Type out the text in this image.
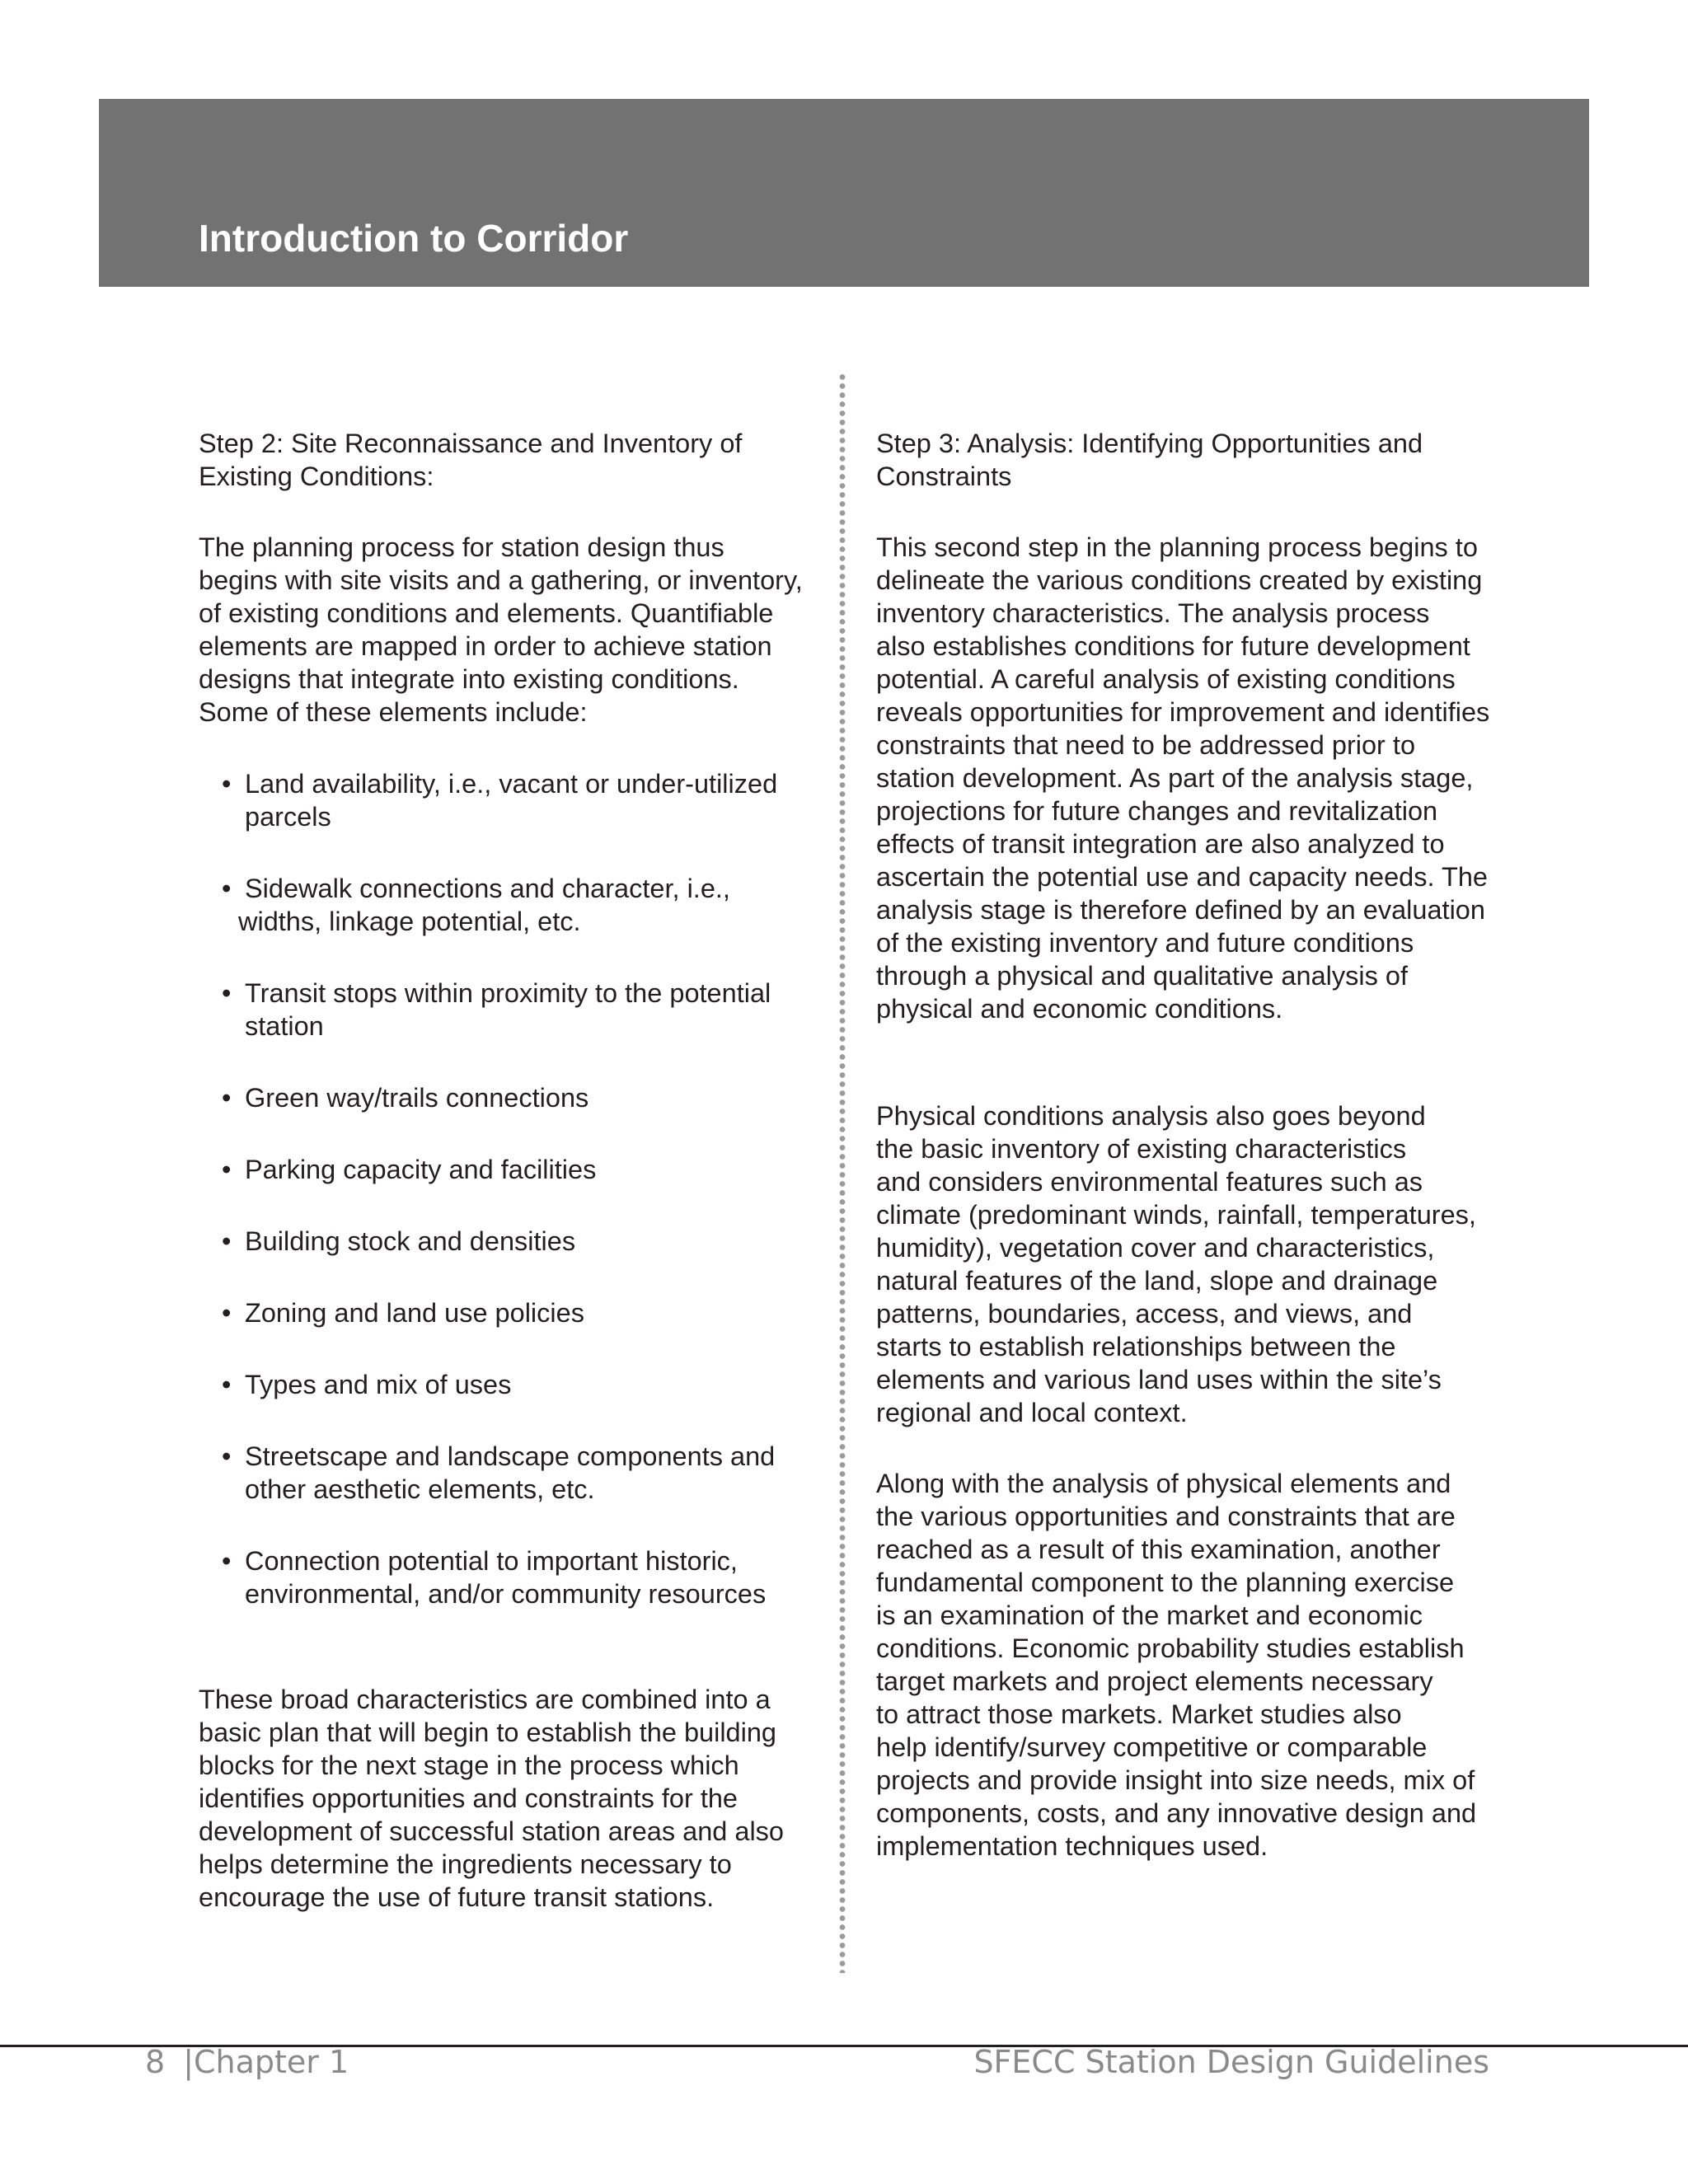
Introduction to Corridor
Step 2: Site Reconnaissance and Inventory of
Existing Conditions:

The planning process for station design thus
begins with site visits and a gathering, or inventory,
of existing conditions and elements. Quantifiable
elements are mapped in order to achieve station
designs that integrate into existing conditions.
Some of these elements include:

• Land availability, i.e., vacant or under-utilized
parcels
• Sidewalk connections and character, i.e.,
widths, linkage potential, etc.
• Transit stops within proximity to the potential
station
• Green way/trails connections
• Parking capacity and facilities
• Building stock and densities
• Zoning and land use policies
• Types and mix of uses
• Streetscape and landscape components and
other aesthetic elements, etc.
• Connection potential to important historic,
environmental, and/or community resources

These broad characteristics are combined into a
basic plan that will begin to establish the building
blocks for the next stage in the process which
identifies opportunities and constraints for the
development of successful station areas and also
helps determine the ingredients necessary to
encourage the use of future transit stations.

Step 3: Analysis: Identifying Opportunities and
Constraints

This second step in the planning process begins to
delineate the various conditions created by existing
inventory characteristics. The analysis process
also establishes conditions for future development
potential. A careful analysis of existing conditions
reveals opportunities for improvement and identifies
constraints that need to be addressed prior to
station development. As part of the analysis stage,
projections for future changes and revitalization
effects of transit integration are also analyzed to
ascertain the potential use and capacity needs. The
analysis stage is therefore defined by an evaluation
of the existing inventory and future conditions
through a physical and qualitative analysis of
physical and economic conditions.

Physical conditions analysis also goes beyond
the basic inventory of existing characteristics
and considers environmental features such as
climate (predominant winds, rainfall, temperatures,
humidity), vegetation cover and characteristics,
natural features of the land, slope and drainage
patterns, boundaries, access, and views, and
starts to establish relationships between the
elements and various land uses within the site’s
regional and local context.

Along with the analysis of physical elements and
the various opportunities and constraints that are
reached as a result of this examination, another
fundamental component to the planning exercise
is an examination of the market and economic
conditions. Economic probability studies establish
target markets and project elements necessary
to attract those markets. Market studies also
help identify/survey competitive or comparable
projects and provide insight into size needs, mix of
components, costs, and any innovative design and
implementation techniques used.

8 |Chapter 1	SFECC Station Design Guidelines
